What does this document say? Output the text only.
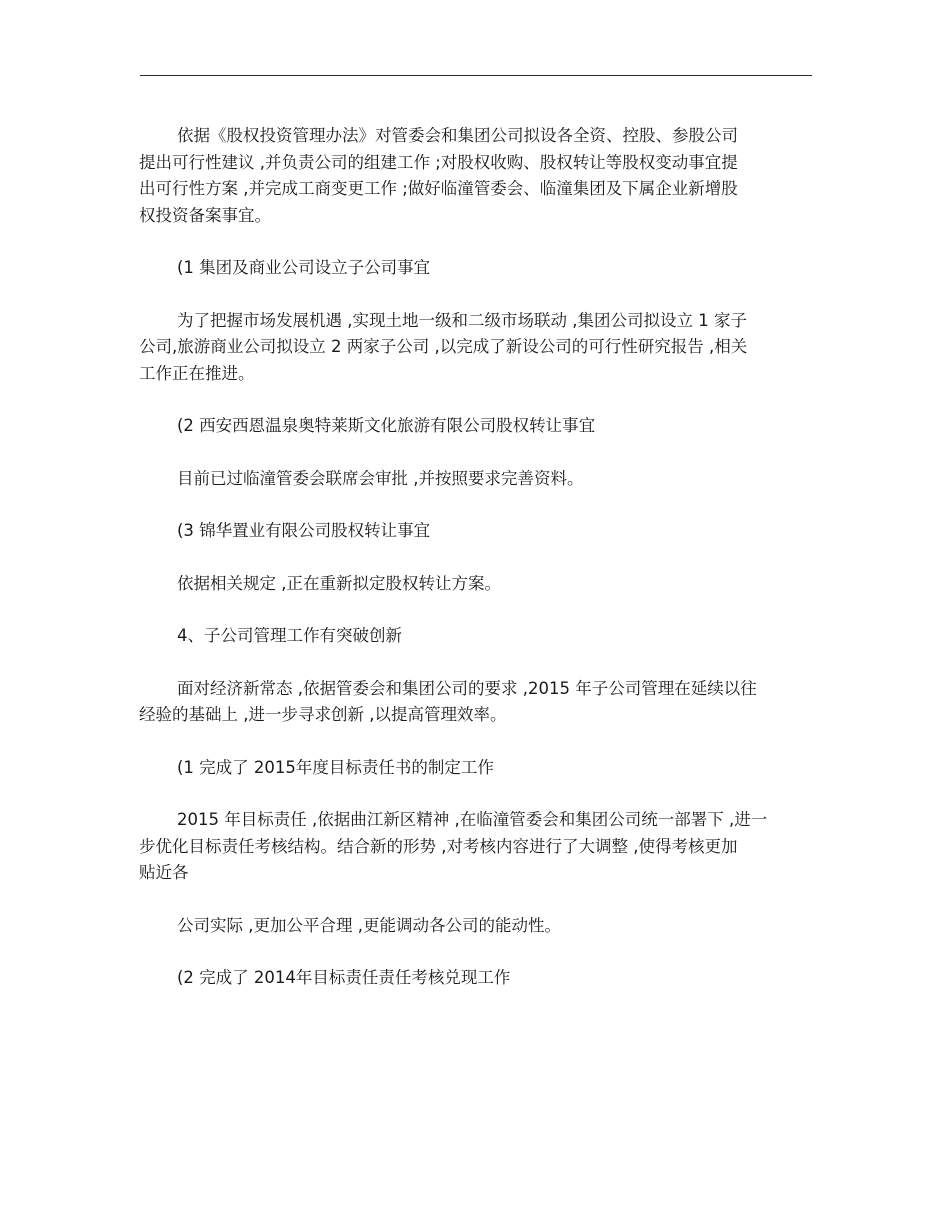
依据《股权投资管理办法》对管委会和集团公司拟设各全资、控股、参股公司
提出可行性建议 ,并负责公司的组建工作 ;对股权收购、股权转让等股权变动事宜提
出可行性方案 ,并完成工商变更工作 ;做好临潼管委会、临潼集团及下属企业新增股
权投资备案事宜。

(1 集团及商业公司设立子公司事宜

为了把握市场发展机遇 ,实现土地一级和二级市场联动 ,集团公司拟设立 1 家子
公司,旅游商业公司拟设立 2 两家子公司 ,以完成了新设公司的可行性研究报告 ,相关
工作正在推进。

(2 西安西恩温泉奥特莱斯文化旅游有限公司股权转让事宜

目前已过临潼管委会联席会审批 ,并按照要求完善资料。

(3 锦华置业有限公司股权转让事宜

依据相关规定 ,正在重新拟定股权转让方案。

4、子公司管理工作有突破创新

面对经济新常态 ,依据管委会和集团公司的要求 ,2015 年子公司管理在延续以往
经验的基础上 ,进一步寻求创新 ,以提高管理效率。

(1 完成了 2015年度目标责任书的制定工作

2015 年目标责任 ,依据曲江新区精神 ,在临潼管委会和集团公司统一部署下 ,进一
步优化目标责任考核结构。结合新的形势 ,对考核内容进行了大调整 ,使得考核更加
贴近各

公司实际 ,更加公平合理 ,更能调动各公司的能动性。

(2 完成了 2014年目标责任责任考核兑现工作
